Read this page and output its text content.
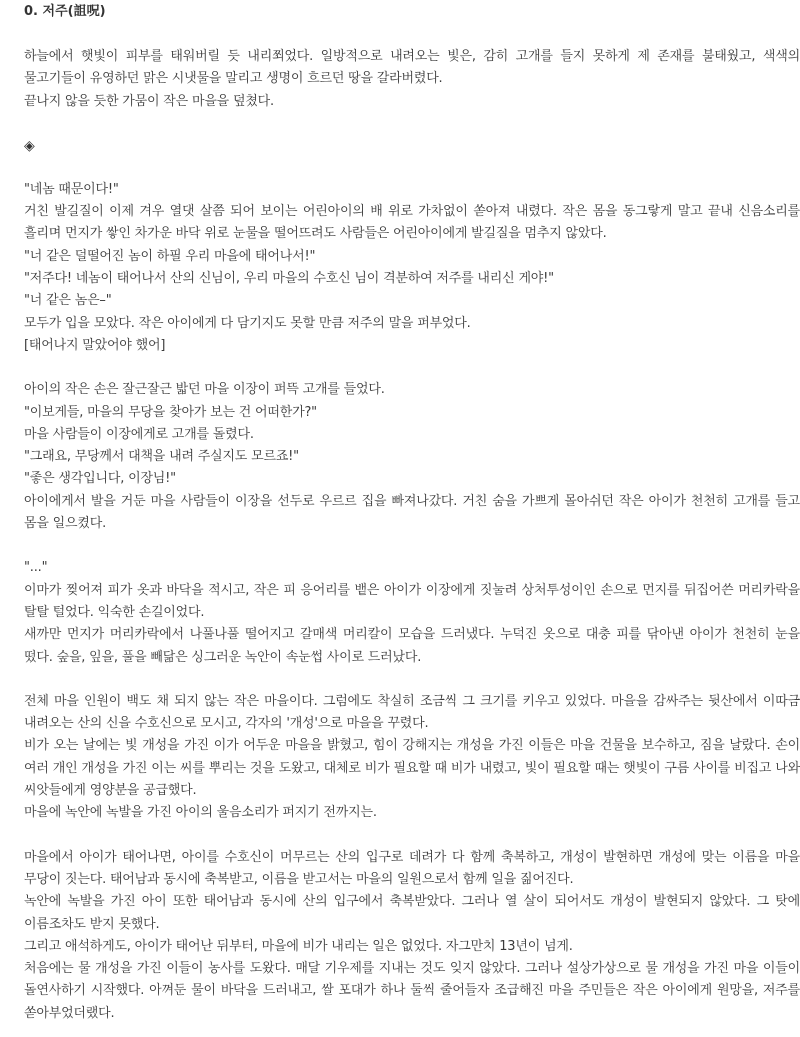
0. 저주(詛呪)

하늘에서 햇빛이 피부를 태워버릴 듯 내리쬐었다. 일방적으로 내려오는 빛은, 감히 고개를 들지 못하게 제 존재를 불태웠고, 색색의 물고기들이 유영하던 맑은 시냇물을 말리고 생명이 흐르던 땅을 갈라버렸다.

끝나지 않을 듯한 가뭄이 작은 마을을 덮쳤다.

◈

"네놈 때문이다!"

거친 발길질이 이제 겨우 열댓 살쯤 되어 보이는 어린아이의 배 위로 가차없이 쏟아져 내렸다. 작은 몸을 동그랗게 말고 끝내 신음소리를 흘리며 먼지가 쌓인 차가운 바닥 위로 눈물을 떨어뜨려도 사람들은 어린아이에게 발길질을 멈추지 않았다.

"너 같은 덜떨어진 놈이 하필 우리 마을에 태어나서!"

"저주다! 네놈이 태어나서 산의 신님이, 우리 마을의 수호신 님이 격분하여 저주를 내리신 게야!"

"너 같은 놈은–"

모두가 입을 모았다. 작은 아이에게 다 담기지도 못할 만큼 저주의 말을 퍼부었다.

[태어나지 말았어야 했어]

아이의 작은 손은 잘근잘근 밟던 마을 이장이 퍼뜩 고개를 들었다.

"이보게들, 마을의 무당을 찾아가 보는 건 어떠한가?"

마을 사람들이 이장에게로 고개를 돌렸다.

"그래요, 무당께서 대책을 내려 주실지도 모르죠!"

"좋은 생각입니다, 이장님!"

아이에게서 발을 거둔 마을 사람들이 이장을 선두로 우르르 집을 빠져나갔다. 거친 숨을 가쁘게 몰아쉬던 작은 아이가 천천히 고개를 들고 몸을 일으켰다.

"..."

이마가 찢어져 피가 옷과 바닥을 적시고, 작은 피 응어리를 뱉은 아이가 이장에게 짓눌려 상처투성이인 손으로 먼지를 뒤집어쓴 머리카락을 탈탈 털었다. 익숙한 손길이었다.

새까만 먼지가 머리카락에서 나풀나풀 떨어지고 갈매색 머리칼이 모습을 드러냈다. 누덕진 옷으로 대충 피를 닦아낸 아이가 천천히 눈을 떴다. 숲을, 잎을, 풀을 빼닮은 싱그러운 녹안이 속눈썹 사이로 드러났다.

전체 마을 인원이 백도 채 되지 않는 작은 마을이다. 그럼에도 착실히 조금씩 그 크기를 키우고 있었다. 마을을 감싸주는 뒷산에서 이따금 내려오는 산의 신을 수호신으로 모시고, 각자의 '개성'으로 마을을 꾸렸다.

비가 오는 날에는 빛 개성을 가진 이가 어두운 마을을 밝혔고, 힘이 강해지는 개성을 가진 이들은 마을 건물을 보수하고, 짐을 날랐다. 손이 여러 개인 개성을 가진 이는 씨를 뿌리는 것을 도왔고, 대체로 비가 필요할 때 비가 내렸고, 빛이 필요할 때는 햇빛이 구름 사이를 비집고 나와 씨앗들에게 영양분을 공급했다.

마을에 녹안에 녹발을 가진 아이의 울음소리가 퍼지기 전까지는.

마을에서 아이가 태어나면, 아이를 수호신이 머무르는 산의 입구로 데려가 다 함께 축복하고, 개성이 발현하면 개성에 맞는 이름을 마을 무당이 짓는다. 태어남과 동시에 축복받고, 이름을 받고서는 마을의 일원으로서 함께 일을 짊어진다.

녹안에 녹발을 가진 아이 또한 태어남과 동시에 산의 입구에서 축복받았다. 그러나 열 살이 되어서도 개성이 발현되지 않았다. 그 탓에 이름조차도 받지 못했다.

그리고 애석하게도, 아이가 태어난 뒤부터, 마을에 비가 내리는 일은 없었다. 자그만치 13년이 넘게.

처음에는 물 개성을 가진 이들이 농사를 도왔다. 매달 기우제를 지내는 것도 잊지 않았다. 그러나 설상가상으로 물 개성을 가진 마을 이들이 돌연사하기 시작했다. 아껴둔 물이 바닥을 드러내고, 쌀 포대가 하나 둘씩 줄어들자 조급해진 마을 주민들은 작은 아이에게 원망을, 저주를 쏟아부었더랬다.
